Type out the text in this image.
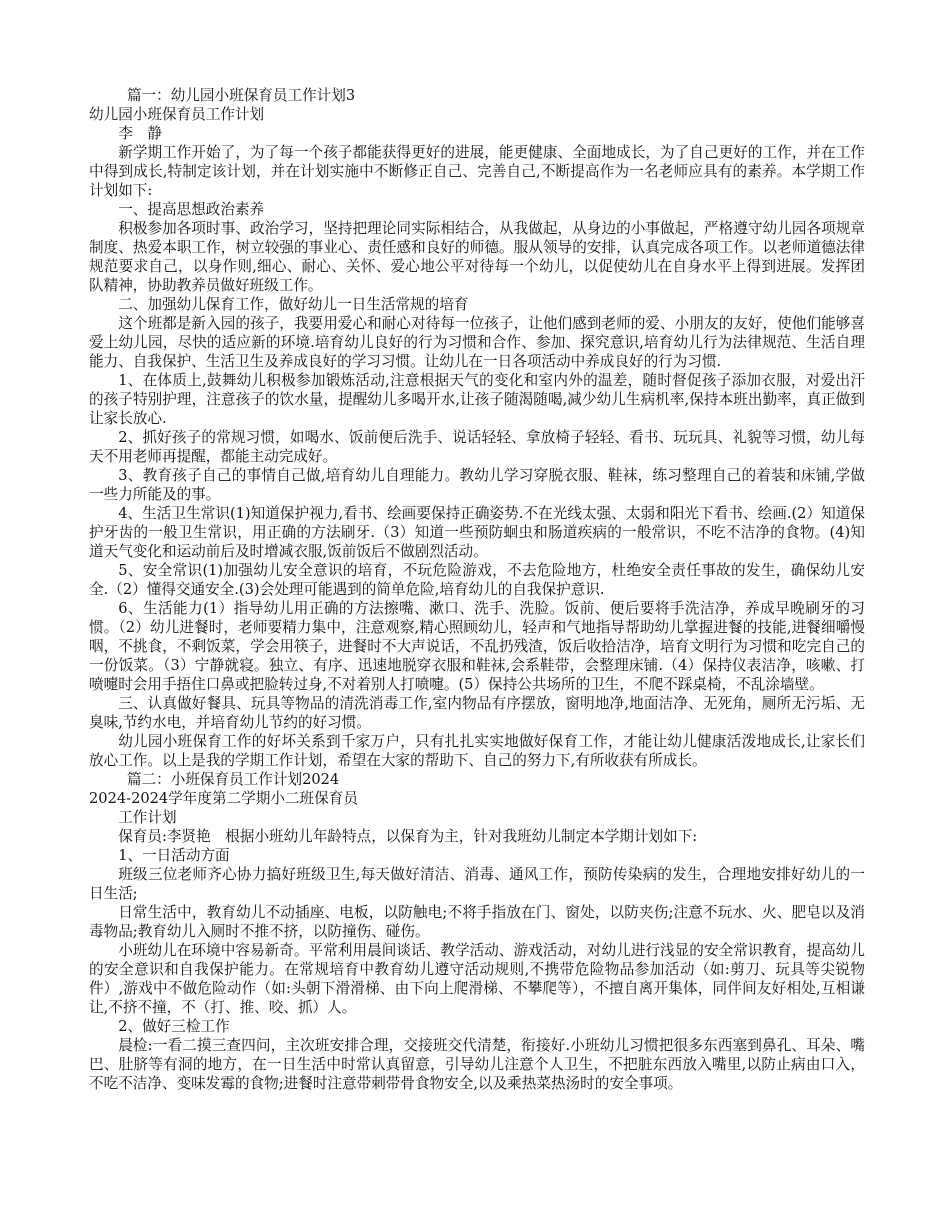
篇一：幼儿园小班保育员工作计划3

幼儿园小班保育员工作计划

李　静

新学期工作开始了，为了每一个孩子都能获得更好的进展，能更健康、全面地成长，为了自己更好的工作，并在工作中得到成长,特制定该计划，并在计划实施中不断修正自己、完善自己,不断提高作为一名老师应具有的素养。本学期工作计划如下:

一、提高思想政治素养

积极参加各项时事、政治学习，坚持把理论同实际相结合，从我做起，从身边的小事做起，严格遵守幼儿园各项规章制度、热爱本职工作，树立较强的事业心、责任感和良好的师德。服从领导的安排，认真完成各项工作。以老师道德法律规范要求自己，以身作则,细心、耐心、关怀、爱心地公平对待每一个幼儿，以促使幼儿在自身水平上得到进展。发挥团队精神，协助教养员做好班级工作。

二、加强幼儿保育工作，做好幼儿一日生活常规的培育

这个班都是新入园的孩子，我要用爱心和耐心对待每一位孩子，让他们感到老师的爱、小朋友的友好，使他们能够喜爱上幼儿园，尽快的适应新的环境.培育幼儿良好的行为习惯和合作、参加、探究意识,培育幼儿行为法律规范、生活自理能力、自我保护、生活卫生及养成良好的学习习惯。让幼儿在一日各项活动中养成良好的行为习惯.

1、在体质上,鼓舞幼儿积极参加锻炼活动,注意根据天气的变化和室内外的温差，随时督促孩子添加衣服，对爱出汗的孩子特别护理，注意孩子的饮水量，提醒幼儿多喝开水,让孩子随渴随喝,减少幼儿生病机率,保持本班出勤率，真正做到让家长放心.

2、抓好孩子的常规习惯，如喝水、饭前便后洗手、说话轻轻、拿放椅子轻轻、看书、玩玩具、礼貌等习惯，幼儿每天不用老师再提醒，都能主动完成好。

3、教育孩子自己的事情自己做,培育幼儿自理能力。教幼儿学习穿脱衣服、鞋袜，练习整理自己的着装和床铺,学做一些力所能及的事。

4、生活卫生常识(1)知道保护视力,看书、绘画要保持正确姿势.不在光线太强、太弱和阳光下看书、绘画.(2）知道保护牙齿的一般卫生常识，用正确的方法刷牙.（3）知道一些预防蛔虫和肠道疾病的一般常识，不吃不洁净的食物。(4)知道天气变化和运动前后及时增减衣服,饭前饭后不做剧烈活动。

5、安全常识(1)加强幼儿安全意识的培育，不玩危险游戏，不去危险地方，杜绝安全责任事故的发生，确保幼儿安全.（2）懂得交通安全.(3)会处理可能遇到的简单危险,培育幼儿的自我保护意识.

6、生活能力(1）指导幼儿用正确的方法擦嘴、漱口、洗手、洗脸。饭前、便后要将手洗洁净，养成早晚刷牙的习惯。（2）幼儿进餐时，老师要精力集中，注意观察,精心照顾幼儿，轻声和气地指导帮助幼儿掌握进餐的技能,进餐细嚼慢咽，不挑食，不剩饭菜，学会用筷子，进餐时不大声说话，不乱扔残渣，饭后收拾洁净，培育文明行为习惯和吃完自己的一份饭菜。（3）宁静就寝。独立、有序、迅速地脱穿衣服和鞋袜,会系鞋带，会整理床铺.（4）保持仪表洁净，咳嗽、打喷嚏时会用手捂住口鼻或把脸转过身,不对着别人打喷嚏。(5）保持公共场所的卫生，不爬不踩桌椅，不乱涂墙壁。

三、认真做好餐具、玩具等物品的清洗消毒工作,室内物品有序摆放，窗明地净,地面洁净、无死角，厕所无污垢、无臭味,节约水电，并培育幼儿节约的好习惯。

幼儿园小班保育工作的好坏关系到千家万户，只有扎扎实实地做好保育工作，才能让幼儿健康活泼地成长,让家长们放心工作。以上是我的学期工作计划，希望在大家的帮助下、自己的努力下,有所收获有所成长。

篇二：小班保育员工作计划2024

2024-2024学年度第二学期小二班保育员

工作计划

保育员:李贤艳　根据小班幼儿年龄特点，以保育为主，针对我班幼儿制定本学期计划如下:

1、一日活动方面

班级三位老师齐心协力搞好班级卫生,每天做好清洁、消毒、通风工作，预防传染病的发生，合理地安排好幼儿的一日生活;

日常生活中，教育幼儿不动插座、电板，以防触电;不将手指放在门、窗处，以防夹伤;注意不玩水、火、肥皂以及消毒物品;教育幼儿入厕时不推不挤，以防撞伤、碰伤。

小班幼儿在环境中容易新奇。平常利用晨间谈话、教学活动、游戏活动，对幼儿进行浅显的安全常识教育，提高幼儿的安全意识和自我保护能力。在常规培育中教育幼儿遵守活动规则,不携带危险物品参加活动（如:剪刀、玩具等尖锐物件）,游戏中不做危险动作（如:头朝下滑滑梯、由下向上爬滑梯、不攀爬等），不擅自离开集体，同伴间友好相处,互相谦让,不挤不撞，不（打、推、咬、抓）人。

2、做好三检工作

晨检:一看二摸三查四问，主次班安排合理，交接班交代清楚，衔接好.小班幼儿习惯把很多东西塞到鼻孔、耳朵、嘴巴、肚脐等有洞的地方，在一日生活中时常认真留意，引导幼儿注意个人卫生，不把脏东西放入嘴里,以防止病由口入，不吃不洁净、变味发霉的食物;进餐时注意带刺带骨食物安全,以及乘热菜热汤时的安全事项。
